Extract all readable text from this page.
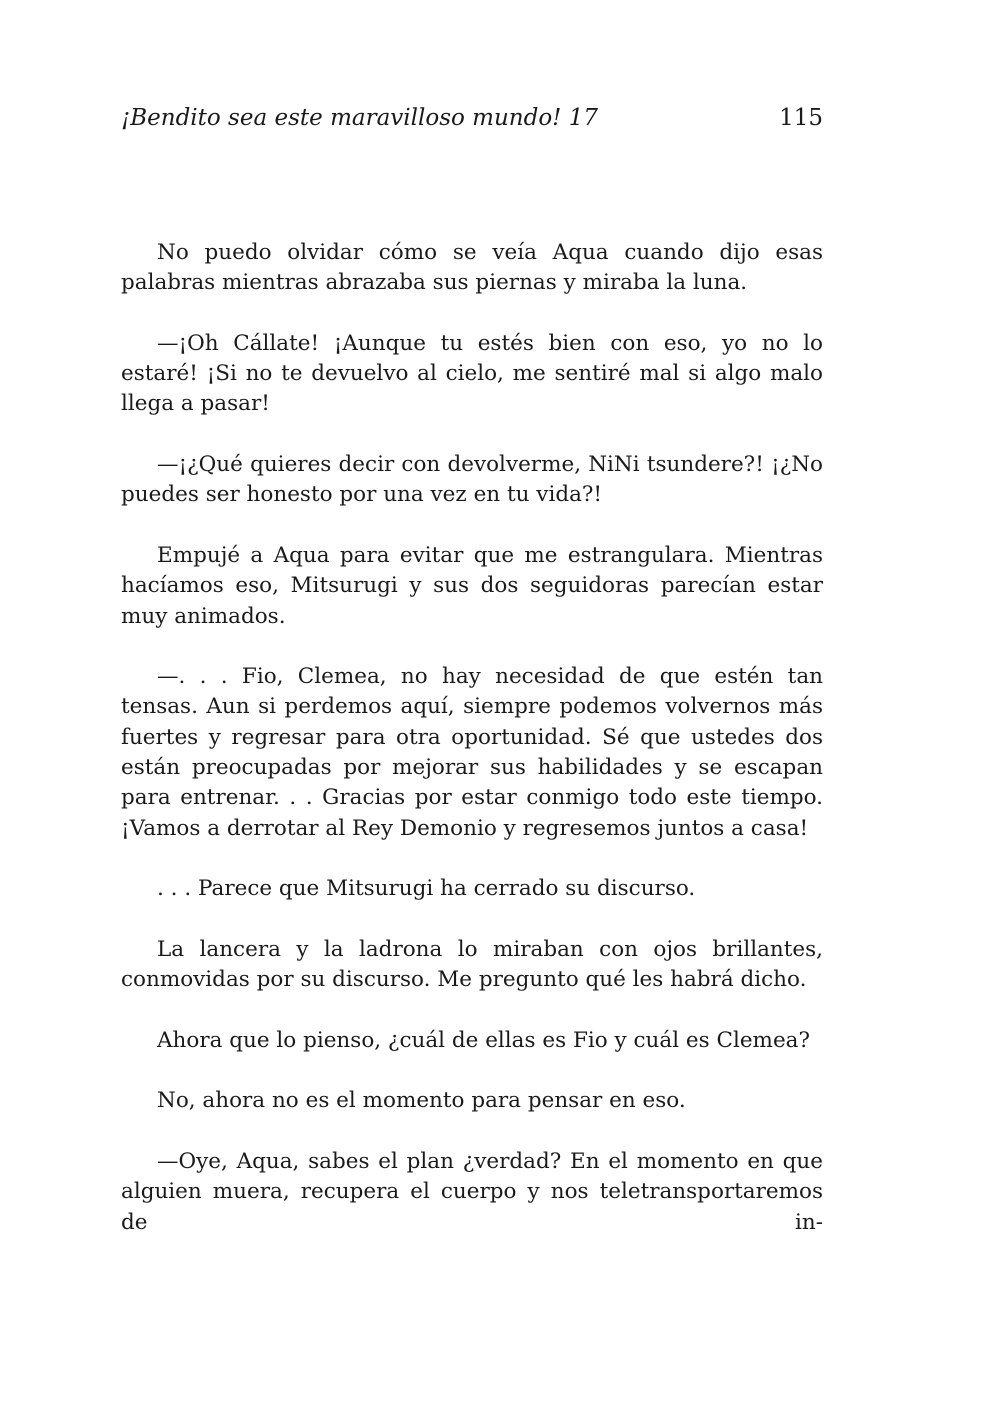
¡Bendito sea este maravilloso mundo! 17	115

No puedo olvidar cómo se veía Aqua cuando dijo esas palabras mientras abrazaba sus piernas y miraba la luna.

—¡Oh Cállate! ¡Aunque tu estés bien con eso, yo no lo estaré! ¡Si no te devuelvo al cielo, me sentiré mal si algo malo llega a pasar!

—¡¿Qué quieres decir con devolverme, NiNi tsundere?! ¡¿No puedes ser honesto por una vez en tu vida?!

Empujé a Aqua para evitar que me estrangulara. Mientras hacíamos eso, Mitsurugi y sus dos seguidoras parecían estar muy animados.

—. . . Fio, Clemea, no hay necesidad de que estén tan tensas. Aun si perdemos aquí, siempre podemos volvernos más fuertes y regresar para otra oportunidad. Sé que ustedes dos están preocupadas por mejorar sus habilidades y se escapan para entrenar. . . Gracias por estar conmigo todo este tiempo. ¡Vamos a derrotar al Rey Demonio y regresemos juntos a casa!

. . . Parece que Mitsurugi ha cerrado su discurso.

La lancera y la ladrona lo miraban con ojos brillantes, conmovidas por su discurso. Me pregunto qué les habrá dicho.

Ahora que lo pienso, ¿cuál de ellas es Fio y cuál es Clemea?

No, ahora no es el momento para pensar en eso.

—Oye, Aqua, sabes el plan ¿verdad? En el momento en que alguien muera, recupera el cuerpo y nos teletransportaremos de in-
